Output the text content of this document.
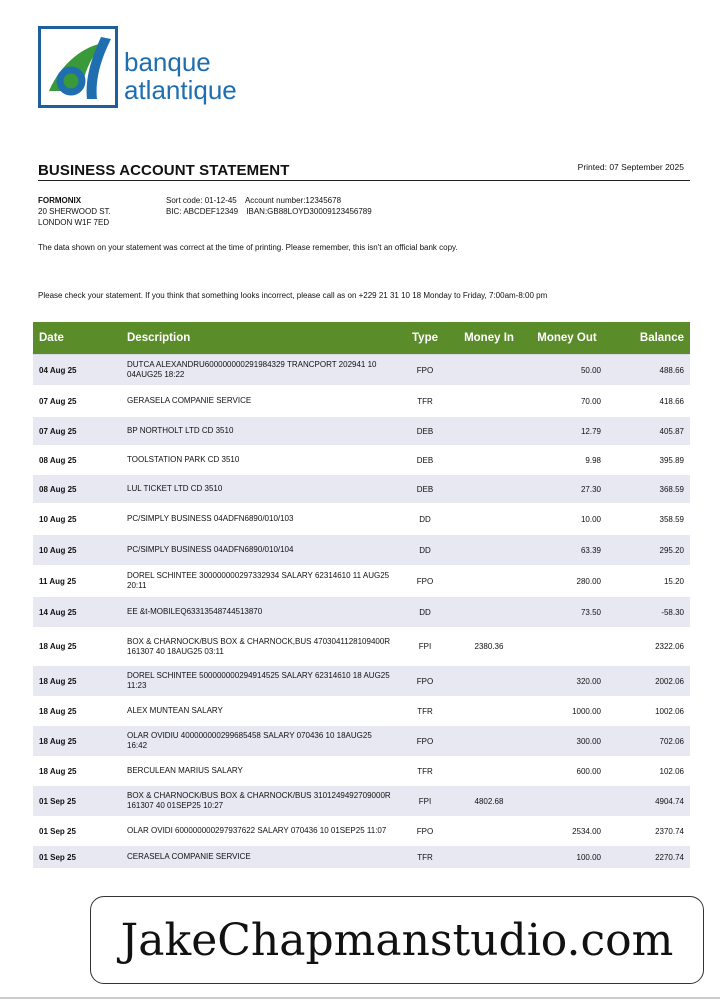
banque
atlantique
BUSINESS ACCOUNT STATEMENT	Printed: 07 September 2025
FORMONIX
20 SHERWOOD ST.
LONDON W1F 7ED
Sort code: 01-12-45 Account number:12345678
BIC: ABCDEF12349 IBAN:GB88LOYD30009123456789
The data shown on your statement was correct at the time of printing. Please remember, this isn't an official bank copy.
Please check your statement. If you think that something looks incorrect, please call as on +229 21 31 10 18 Monday to Friday, 7:00am-8:00 pm
Date	Description	Type	Money In	Money Out	Balance
04 Aug 25	DUTCA ALEXANDRU600000000291984329 TRANCPORT 202941 10 04AUG25 18:22	FPO		50.00	488.66
07 Aug 25	GERASELA COMPANIE SERVICE	TFR		70.00	418.66
07 Aug 25	BP NORTHOLT LTD CD 3510	DEB		12.79	405.87
08 Aug 25	TOOLSTATION PARK CD 3510	DEB		9.98	395.89
08 Aug 25	LUL TICKET LTD CD 3510	DEB		27.30	368.59
10 Aug 25	PC/SIMPLY BUSINESS 04ADFN6890/010/103	DD		10.00	358.59
10 Aug 25	PC/SIMPLY BUSINESS 04ADFN6890/010/104	DD		63.39	295.20
11 Aug 25	DOREL SCHINTEE 300000000297332934 SALARY 62314610 11 AUG25 20:11	FPO		280.00	15.20
14 Aug 25	EE &t-MOBILEQ63313548744513870	DD		73.50	-58.30
18 Aug 25	BOX & CHARNOCK/BUS BOX & CHARNOCK,BUS 4703041128109400R 161307 40 18AUG25 03:11	FPI	2380.36		2322.06
18 Aug 25	DOREL SCHINTEE 500000000294914525 SALARY 62314610 18 AUG25 11:23	FPO		320.00	2002.06
18 Aug 25	ALEX MUNTEAN SALARY	TFR		1000.00	1002.06
18 Aug 25	OLAR OVIDIU 400000000299685458 SALARY 070436 10 18AUG25 16:42	FPO		300.00	702.06
18 Aug 25	BERCULEAN MARIUS SALARY	TFR		600.00	102.06
01 Sep 25	BOX & CHARNOCK/BUS BOX & CHARNOCK/BUS 3101249492709000R 161307 40 01SEP25 10:27	FPI	4802.68		4904.74
01 Sep 25	OLAR OVIDI 600000000297937622 SALARY 070436 10 01SEP25 11:07	FPO		2534.00	2370.74
01 Sep 25	CERASELA COMPANIE SERVICE	TFR		100.00	2270.74
JakeChapmanstudio.com
